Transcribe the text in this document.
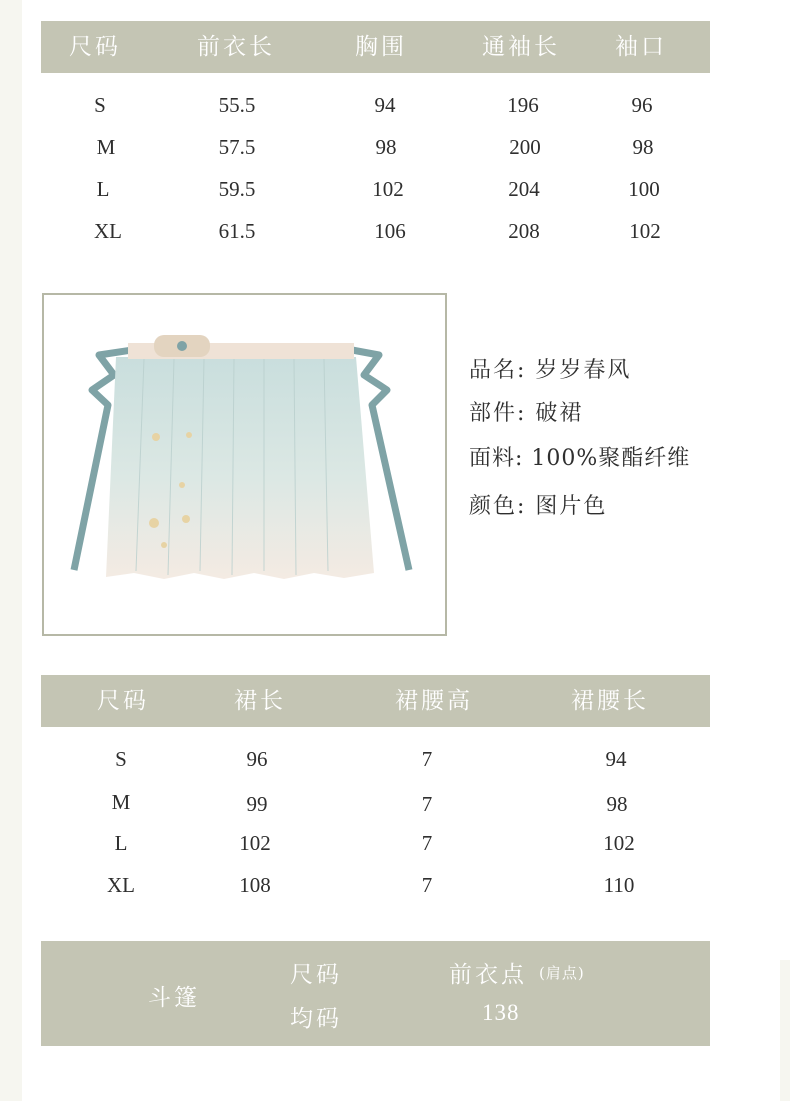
尺码	前衣长	胸围	通袖长 袖口
S	55.5	94	196	96
M	57.5	98	200	98
L	59.5	102	204	100
XL	61.5	106	208	102
品名: 岁岁春风
部件: 破裙
面料: 100%聚酯纤维
颜色: 图片色
尺码	裙长	裙腰高	裙腰长
S	96	7	94
M	99	7	98
L	102	7	102
XL	108	7	110
斗篷
尺码	前衣点 (肩点)
均码	138
